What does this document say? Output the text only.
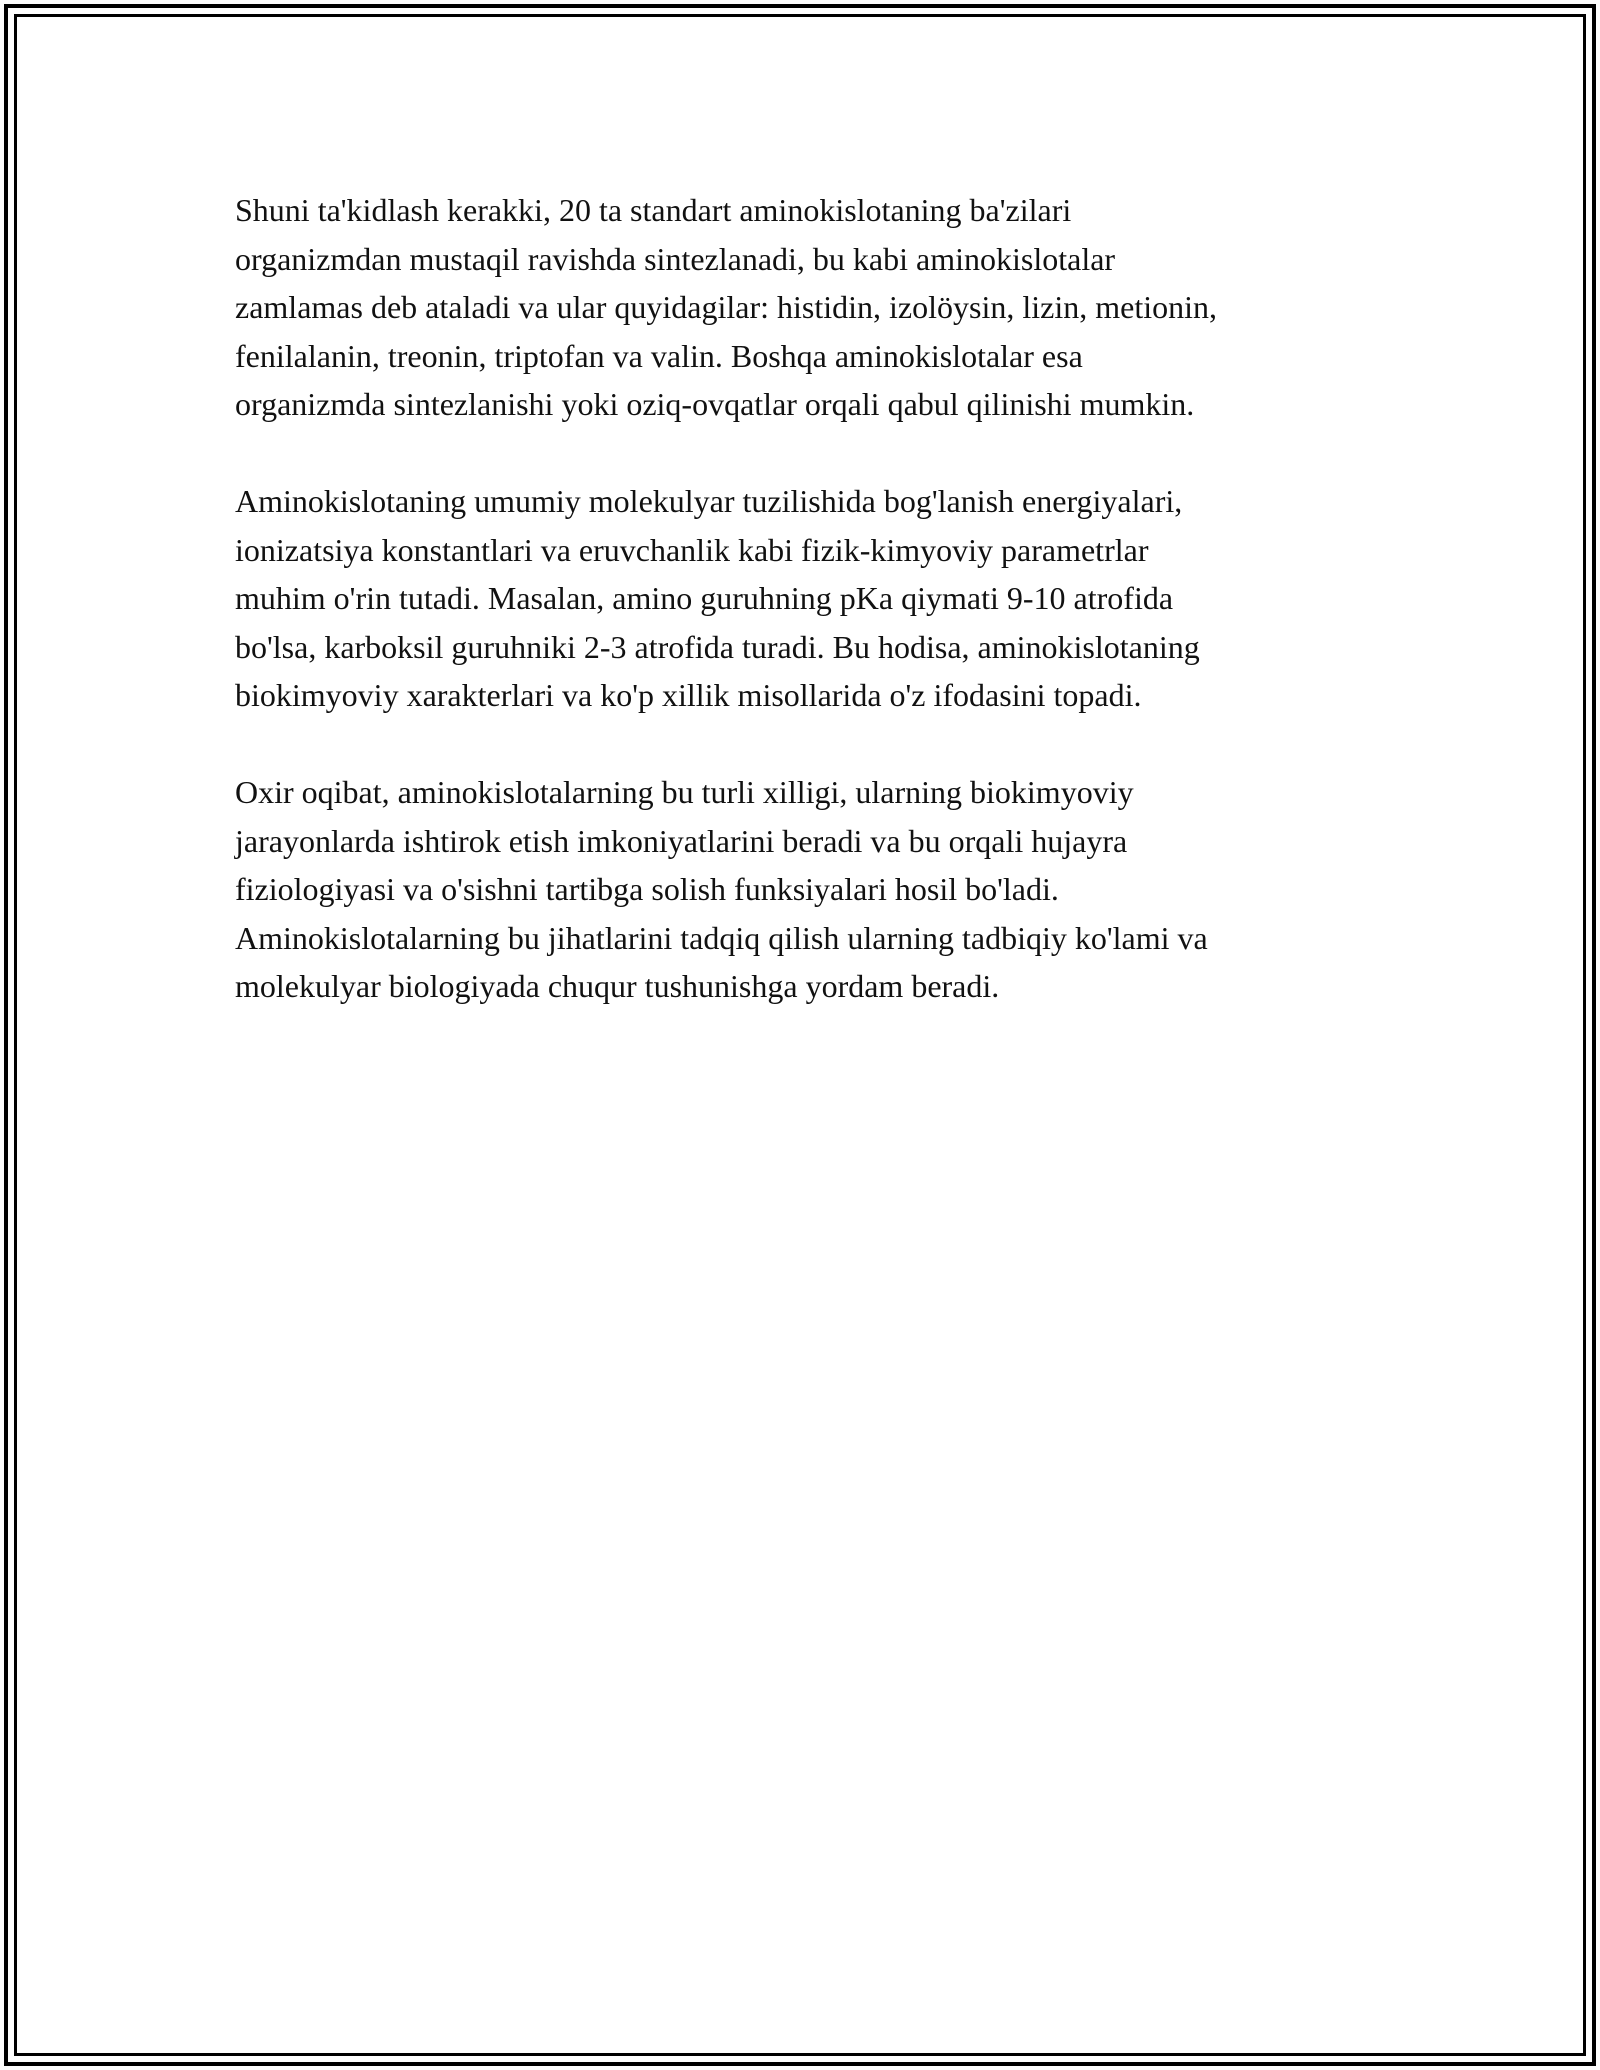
Shuni ta'kidlash kerakki, 20 ta standart aminokislotaning ba'zilari
organizmdan mustaqil ravishda sintezlanadi, bu kabi aminokislotalar
zamlamas deb ataladi va ular quyidagilar: histidin, izolöysin, lizin, metionin,
fenilalanin, treonin, triptofan va valin. Boshqa aminokislotalar esa
organizmda sintezlanishi yoki oziq-ovqatlar orqali qabul qilinishi mumkin.

Aminokislotaning umumiy molekulyar tuzilishida bog'lanish energiyalari,
ionizatsiya konstantlari va eruvchanlik kabi fizik-kimyoviy parametrlar
muhim o'rin tutadi. Masalan, amino guruhning pKa qiymati 9-10 atrofida
bo'lsa, karboksil guruhniki 2-3 atrofida turadi. Bu hodisa, aminokislotaning
biokimyoviy xarakterlari va ko'p xillik misollarida o'z ifodasini topadi.

Oxir oqibat, aminokislotalarning bu turli xilligi, ularning biokimyoviy
jarayonlarda ishtirok etish imkoniyatlarini beradi va bu orqali hujayra
fiziologiyasi va o'sishni tartibga solish funksiyalari hosil bo'ladi.
Aminokislotalarning bu jihatlarini tadqiq qilish ularning tadbiqiy ko'lami va
molekulyar biologiyada chuqur tushunishga yordam beradi.
